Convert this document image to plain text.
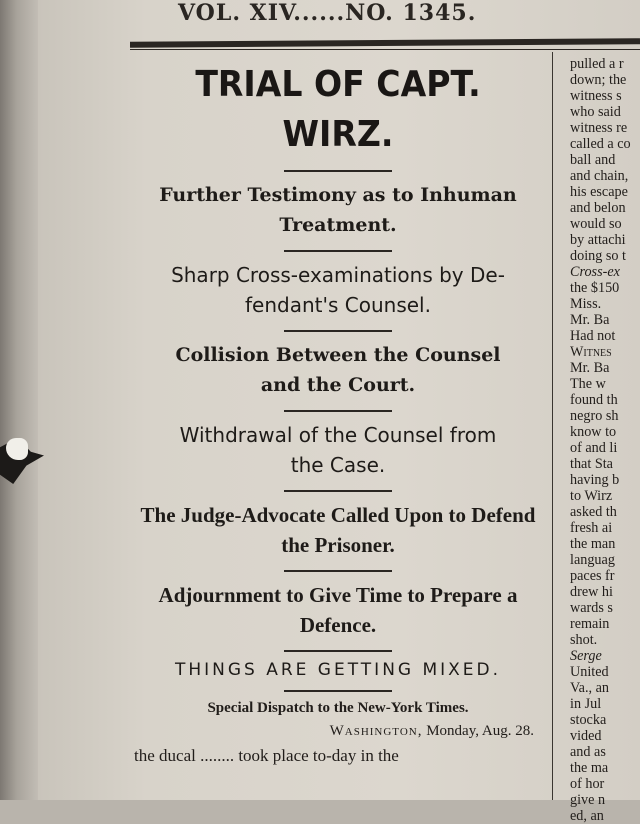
VOL. XIV......NO. 1345.
TRIAL OF CAPT. WIRZ.
Further Testimony as to Inhuman
Treatment.
Sharp Cross-examinations by De-
fendant's Counsel.
Collision Between the Counsel
and the Court.
Withdrawal of the Counsel from
the Case.
The Judge-Advocate Called Upon to Defend
the Prisoner.
Adjournment to Give Time to Prepare a
Defence.
THINGS ARE GETTING MIXED.
Special Dispatch to the New-York Times.
Washington, Monday, Aug. 28.
the ducal ........ took place to-day in the
pulled a r
down; the
witness s
who said
witness re
called a co
ball and
and chain,
his escape
and belon
would so
by attachi
doing so t
Cross-ex
the $150
Miss.
Mr. Ba
Had not
Witnes
Mr. Ba
The w
found th
negro sh
know to
of and li
that Sta
having b
to Wirz
asked th
fresh ai
the man
languag
paces fr
drew hi
wards s
remain
shot.
Serge
United
Va., an
in Jul
stocka
vided
and as
the ma
of hor
give n
ed, an
